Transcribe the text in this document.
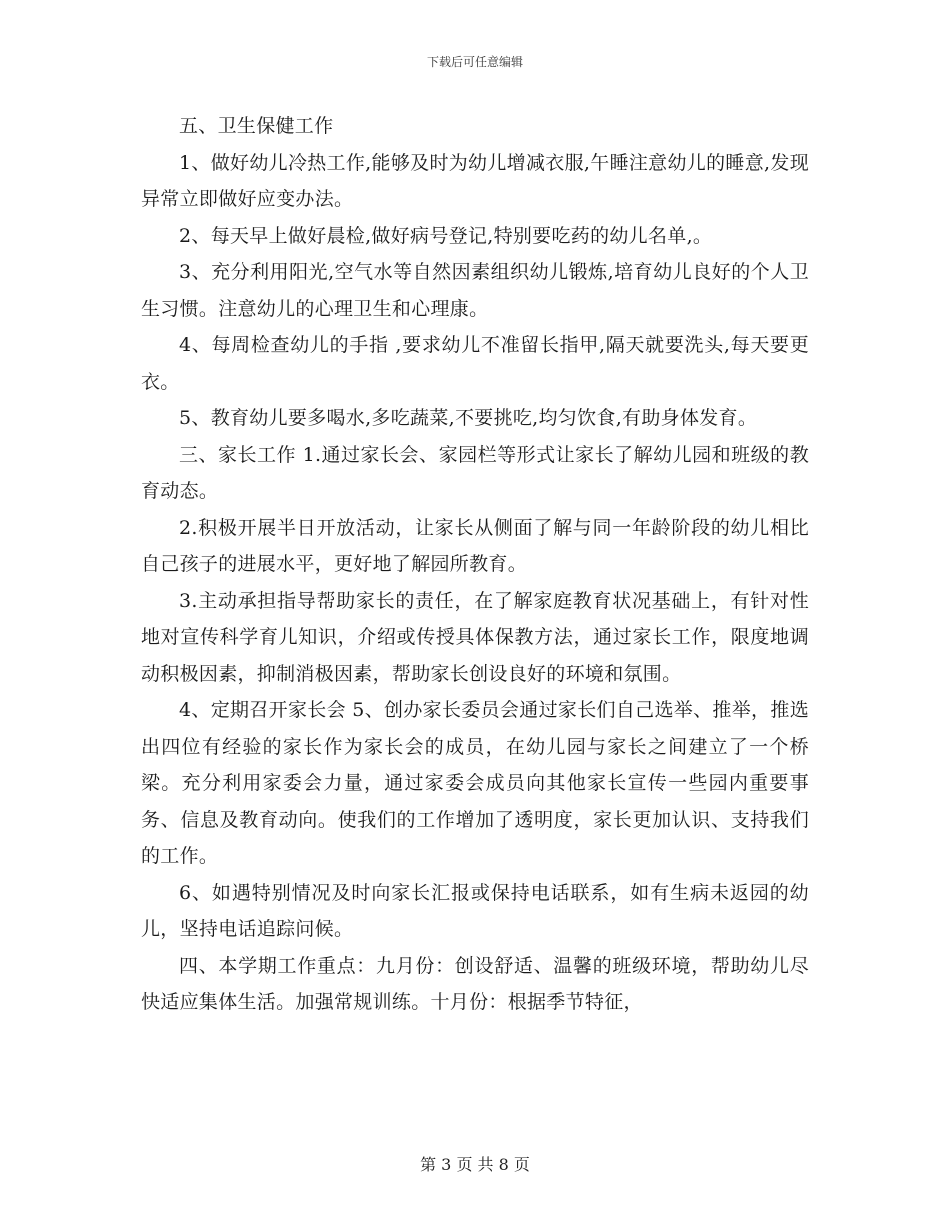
下载后可任意编辑

五、卫生保健工作

1、做好幼儿冷热工作,能够及时为幼儿增减衣服,午睡注意幼儿的睡意,发现异常立即做好应变办法。

2、每天早上做好晨检,做好病号登记,特别要吃药的幼儿名单,。

3、充分利用阳光,空气水等自然因素组织幼儿锻炼,培育幼儿良好的个人卫生习惯。注意幼儿的心理卫生和心理康。

4、每周检查幼儿的手指 ,要求幼儿不准留长指甲,隔天就要洗头,每天要更衣。

5、教育幼儿要多喝水,多吃蔬菜,不要挑吃,均匀饮食,有助身体发育。

三、家长工作 1.通过家长会、家园栏等形式让家长了解幼儿园和班级的教育动态。

2.积极开展半日开放活动，让家长从侧面了解与同一年龄阶段的幼儿相比自己孩子的进展水平，更好地了解园所教育。

3.主动承担指导帮助家长的责任，在了解家庭教育状况基础上，有针对性地对宣传科学育儿知识，介绍或传授具体保教方法，通过家长工作，限度地调动积极因素，抑制消极因素，帮助家长创设良好的环境和氛围。

4、定期召开家长会 5、创办家长委员会通过家长们自己选举、推举，推选出四位有经验的家长作为家长会的成员，在幼儿园与家长之间建立了一个桥梁。充分利用家委会力量，通过家委会成员向其他家长宣传一些园内重要事务、信息及教育动向。使我们的工作增加了透明度，家长更加认识、支持我们的工作。

6、如遇特别情况及时向家长汇报或保持电话联系，如有生病未返园的幼儿，坚持电话追踪问候。

四、本学期工作重点：九月份：创设舒适、温馨的班级环境，帮助幼儿尽快适应集体生活。加强常规训练。十月份：根据季节特征，

第 3 页 共 8 页
